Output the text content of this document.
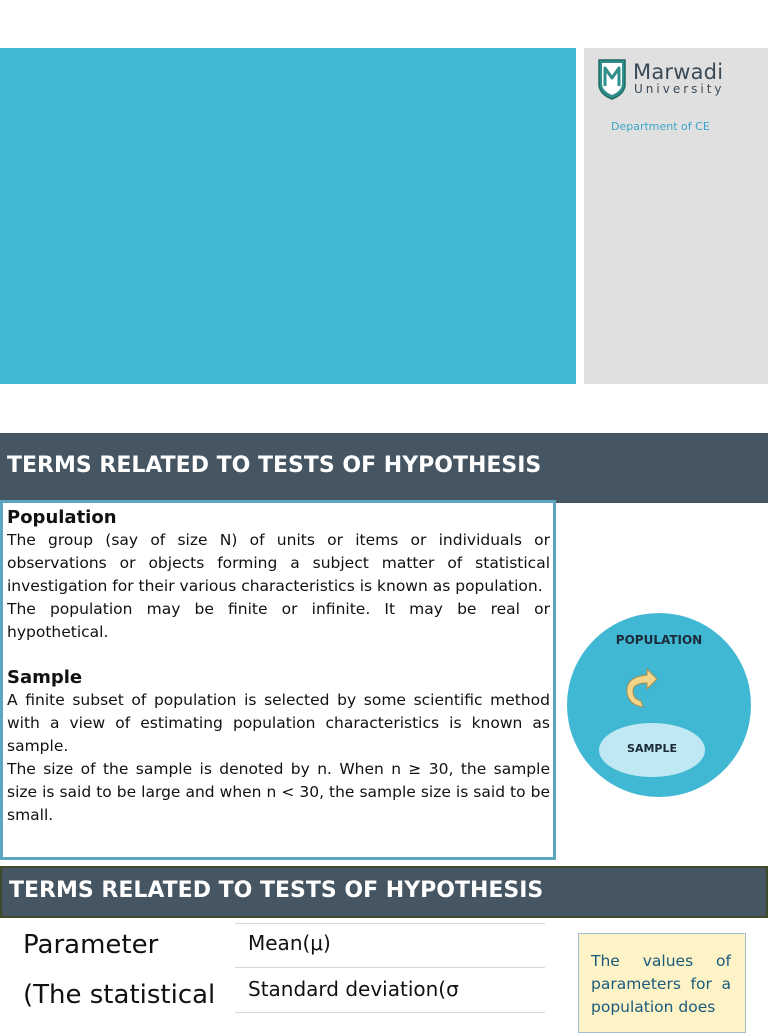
Marwadi
University
Department of CE
TERMS RELATED TO TESTS OF HYPOTHESIS
Population

The group (say of size N) of units or items or individuals or observations or objects forming a subject matter of statistical investigation for their various characteristics is known as population.

The population may be finite or infinite. It may be real or hypothetical.

Sample

A finite subset of population is selected by some scientific method with a view of estimating population characteristics is known as sample.

The size of the sample is denoted by n. When n ≥ 30, the sample size is said to be large and when n < 30, the sample size is said to be small.

POPULATION
SAMPLE
TERMS RELATED TO TESTS OF HYPOTHESIS
Parameter	Mean(μ)
(The statistical Standard deviation(σ
The values of parameters for a population does
